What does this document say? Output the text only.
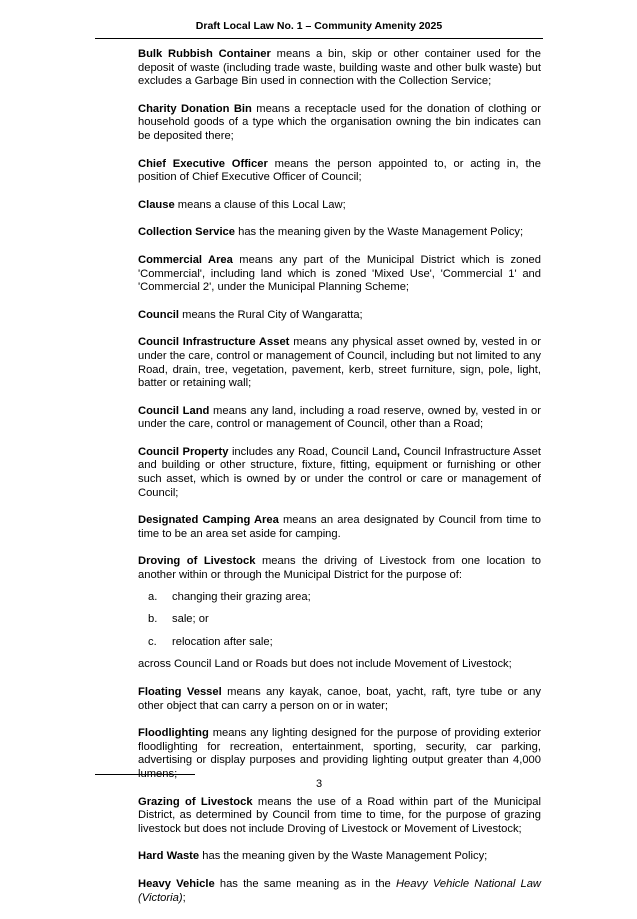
Draft Local Law No. 1 – Community Amenity 2025

Bulk Rubbish Container means a bin, skip or other container used for the deposit of waste (including trade waste, building waste and other bulk waste) but excludes a Garbage Bin used in connection with the Collection Service;

Charity Donation Bin means a receptacle used for the donation of clothing or household goods of a type which the organisation owning the bin indicates can be deposited there;

Chief Executive Officer means the person appointed to, or acting in, the position of Chief Executive Officer of Council;

Clause means a clause of this Local Law;

Collection Service has the meaning given by the Waste Management Policy;

Commercial Area means any part of the Municipal District which is zoned 'Commercial', including land which is zoned 'Mixed Use', 'Commercial 1' and 'Commercial 2', under the Municipal Planning Scheme;

Council means the Rural City of Wangaratta;

Council Infrastructure Asset means any physical asset owned by, vested in or under the care, control or management of Council, including but not limited to any Road, drain, tree, vegetation, pavement, kerb, street furniture, sign, pole, light, batter or retaining wall;

Council Land means any land, including a road reserve, owned by, vested in or under the care, control or management of Council, other than a Road;

Council Property includes any Road, Council Land, Council Infrastructure Asset and building or other structure, fixture, fitting, equipment or furnishing or other such asset, which is owned by or under the control or care or management of Council;

Designated Camping Area means an area designated by Council from time to time to be an area set aside for camping.

Droving of Livestock means the driving of Livestock from one location to another within or through the Municipal District for the purpose of:

a.	changing their grazing area;
b.	sale; or
c.	relocation after sale;

across Council Land or Roads but does not include Movement of Livestock;

Floating Vessel means any kayak, canoe, boat, yacht, raft, tyre tube or any other object that can carry a person on or in water;

Floodlighting means any lighting designed for the purpose of providing exterior floodlighting for recreation, entertainment, sporting, security, car parking, advertising or display purposes and providing lighting output greater than 4,000 lumens;

Grazing of Livestock means the use of a Road within part of the Municipal District, as determined by Council from time to time, for the purpose of grazing livestock but does not include Droving of Livestock or Movement of Livestock;

Hard Waste has the meaning given by the Waste Management Policy;

Heavy Vehicle has the same meaning as in the Heavy Vehicle National Law (Victoria);

3
